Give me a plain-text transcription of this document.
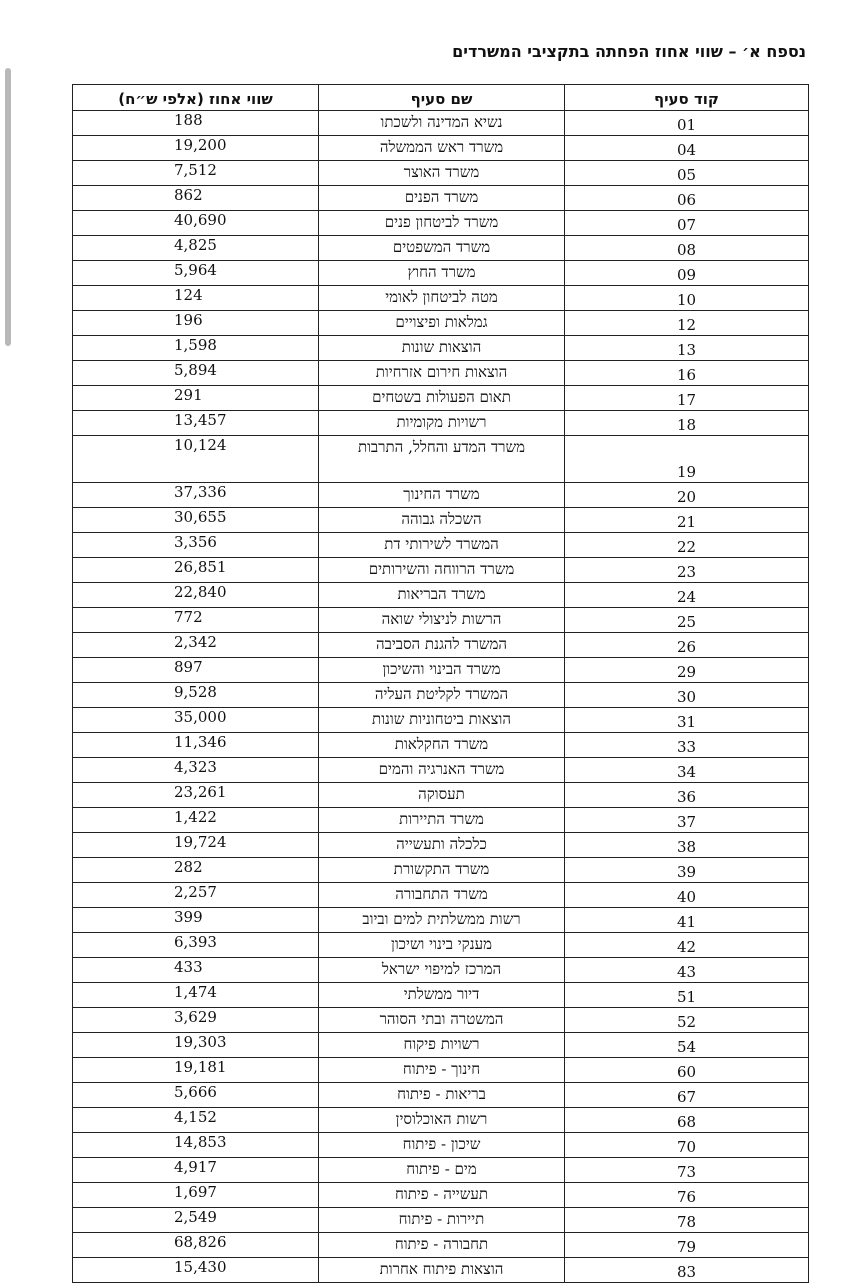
נספח א׳ – שווי אחוז הפחתה בתקציבי המשרדים
שווי אחוז (אלפי ש״ח)	שם סעיף	קוד סעיף
188	נשיא המדינה ולשכתו	01
19,200	משרד ראש הממשלה	04
7,512	משרד האוצר	05
862	משרד הפנים	06
40,690	משרד לביטחון פנים	07
4,825	משרד המשפטים	08
5,964	משרד החוץ	09
124	מטה לביטחון לאומי	10
196	גמלאות ופיצויים	12
1,598	הוצאות שונות	13
5,894	הוצאות חירום אזרחיות	16
291	תאום הפעולות בשטחים	17
13,457	רשויות מקומיות	18
10,124	משרד המדע והחלל, התרבות	19
37,336	משרד החינוך	20
30,655	השכלה גבוהה	21
3,356	המשרד לשירותי דת	22
26,851	משרד הרווחה והשירותים	23
22,840	משרד הבריאות	24
772	הרשות לניצולי שואה	25
2,342	המשרד להגנת הסביבה	26
897	משרד הבינוי והשיכון	29
9,528	המשרד לקליטת העליה	30
35,000	הוצאות ביטחוניות שונות	31
11,346	משרד החקלאות	33
4,323	משרד האנרגיה והמים	34
23,261	תעסוקה	36
1,422	משרד התיירות	37
19,724	כלכלה ותעשייה	38
282	משרד התקשורת	39
2,257	משרד התחבורה	40
399	רשות ממשלתית למים וביוב	41
6,393	מענקי בינוי ושיכון	42
433	המרכז למיפוי ישראל	43
1,474	דיור ממשלתי	51
3,629	המשטרה ובתי הסוהר	52
19,303	רשויות פיקוח	54
19,181	חינוך - פיתוח	60
5,666	בריאות - פיתוח	67
4,152	רשות האוכלוסין	68
14,853	שיכון - פיתוח	70
4,917	מים - פיתוח	73
1,697	תעשייה - פיתוח	76
2,549	תיירות - פיתוח	78
68,826	תחבורה - פיתוח	79
15,430	הוצאות פיתוח אחרות	83
